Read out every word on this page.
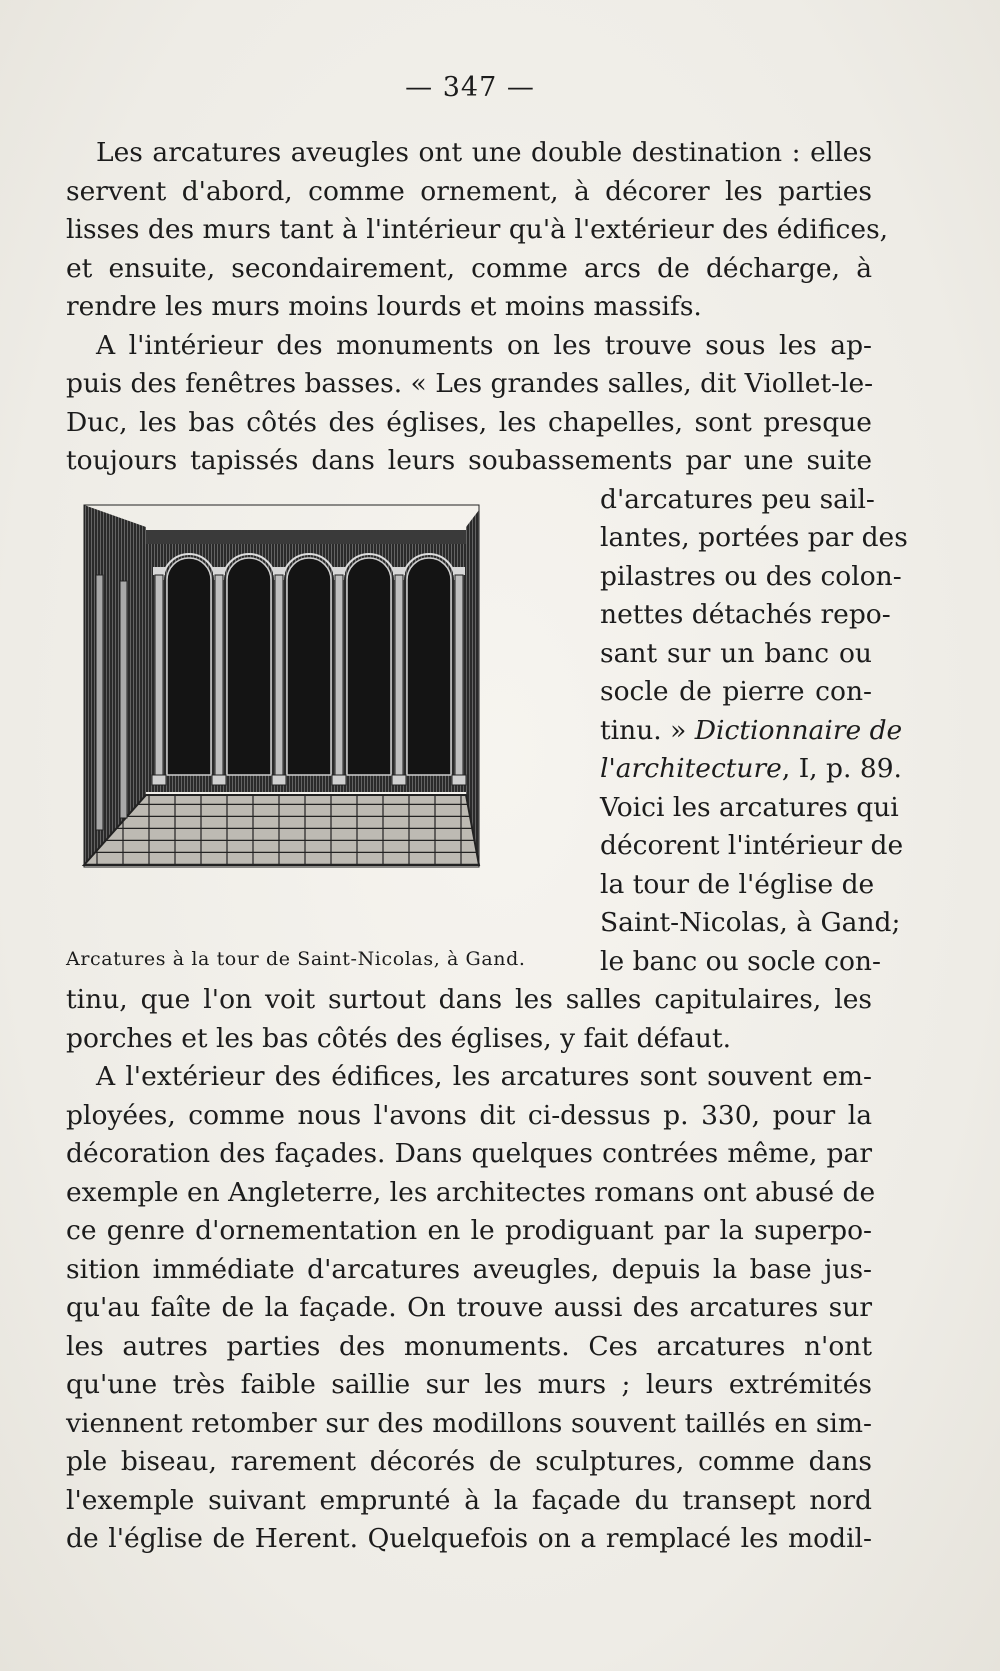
— 347 —
Les arcatures aveugles ont une double destination : elles
servent d'abord, comme ornement, à décorer les parties
lisses des murs tant à l'intérieur qu'à l'extérieur des édifices,
et ensuite, secondairement, comme arcs de décharge, à
rendre les murs moins lourds et moins massifs.
A l'intérieur des monuments on les trouve sous les ap-
puis des fenêtres basses. « Les grandes salles, dit Viollet-le-
Duc, les bas côtés des églises, les chapelles, sont presque
toujours tapissés dans leurs soubassements par une suite
d'arcatures peu sail-
lantes, portées par des
pilastres ou des colon-
nettes détachés repo-
sant sur un banc ou
socle de pierre con-
tinu. » Dictionnaire de
l'architecture, I, p. 89.
Voici les arcatures qui
décorent l'intérieur de
la tour de l'église de
Saint-Nicolas, à Gand;
le banc ou socle con-
tinu, que l'on voit surtout dans les salles capitulaires, les
porches et les bas côtés des églises, y fait défaut.
A l'extérieur des édifices, les arcatures sont souvent em-
ployées, comme nous l'avons dit ci-dessus p. 330, pour la
décoration des façades. Dans quelques contrées même, par
exemple en Angleterre, les architectes romans ont abusé de
ce genre d'ornementation en le prodiguant par la superpo-
sition immédiate d'arcatures aveugles, depuis la base jus-
qu'au faîte de la façade. On trouve aussi des arcatures sur
les autres parties des monuments. Ces arcatures n'ont
qu'une très faible saillie sur les murs ; leurs extrémités
viennent retomber sur des modillons souvent taillés en sim-
ple biseau, rarement décorés de sculptures, comme dans
l'exemple suivant emprunté à la façade du transept nord
de l'église de Herent. Quelquefois on a remplacé les modil-
Arcatures à la tour de Saint-Nicolas, à Gand.
